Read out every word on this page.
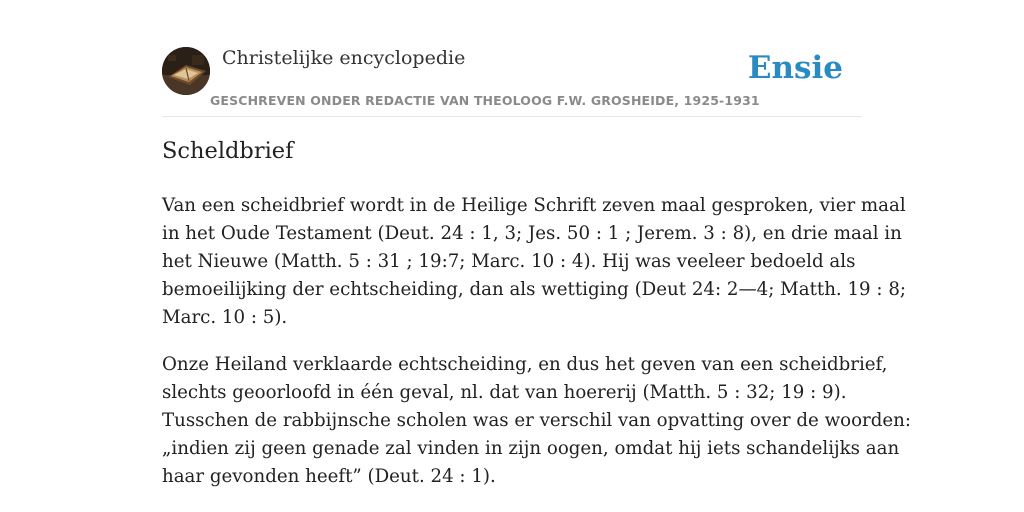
Christelijke encyclopedie
GESCHREVEN ONDER REDACTIE VAN THEOLOOG F.W. GROSHEIDE, 1925-1931
Ensie
Scheldbrief

Van een scheidbrief wordt in de Heilige Schrift zeven maal gesproken, vier maal
in het Oude Testament (Deut. 24 : 1, 3; Jes. 50 : 1 ; Jerem. 3 : 8), en drie maal in
het Nieuwe (Matth. 5 : 31 ; 19:7; Marc. 10 : 4). Hij was veeleer bedoeld als
bemoeilijking der echtscheiding, dan als wettiging (Deut 24: 2—4; Matth. 19 : 8;
Marc. 10 : 5).

Onze Heiland verklaarde echtscheiding, en dus het geven van een scheidbrief,
slechts geoorloofd in één geval, nl. dat van hoererij (Matth. 5 : 32; 19 : 9).
Tusschen de rabbijnsche scholen was er verschil van opvatting over de woorden:
„indien zij geen genade zal vinden in zijn oogen, omdat hij iets schandelijks aan
haar gevonden heeft” (Deut. 24 : 1).
